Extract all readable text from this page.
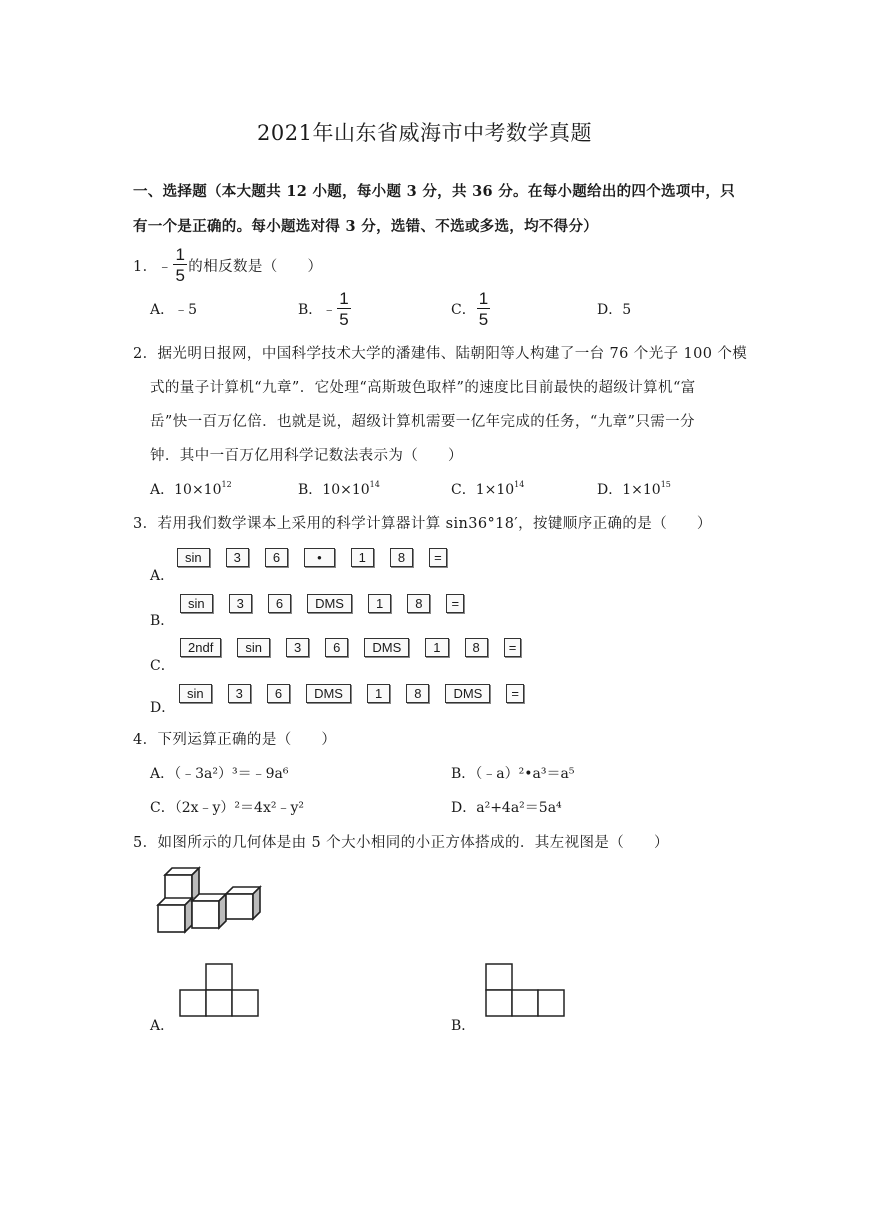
2021年山东省威海市中考数学真题
一、选择题（本大题共 12 小题，每小题 3 分，共 36 分。在每小题给出的四个选项中，只
有一个是正确的。每小题选对得 3 分，选错、不选或多选，均不得分）
1． ﹣ $\frac{1}{5}$ 的相反数是（　　）
A．﹣5	B． ﹣ $\frac{1}{5}$	C． $\frac{1}{5}$	D．5
2．据光明日报网，中国科学技术大学的潘建伟、陆朝阳等人构建了一台 76 个光子 100 个模
式的量子计算机“九章”．它处理“高斯玻色取样”的速度比目前最快的超级计算机“富
岳”快一百万亿倍．也就是说，超级计算机需要一亿年完成的任务，“九章”只需一分
钟．其中一百万亿用科学记数法表示为（　　）
A．$10\times 10^{12}$	B．$10\times 10^{14}$	C．$1\times 10^{14}$	D．$1\times 10^{15}$
3．若用我们数学课本上采用的科学计算器计算 sin36°18′，按键顺序正确的是（　　）
A．
sin	3	6	•	1	8	=
B．
sin	3	6	DMS	1	8	=
C．
2ndf	sin	3	6	DMS	1	8	=
D．
sin	3	6	DMS	1	8	DMS	=
4．下列运算正确的是（　　）
A．（﹣3a²）³＝﹣9a⁶	B．（﹣a）²•a³＝a⁵
C．（2x﹣y）²＝4x²﹣y²	D．a²+4a²＝5a⁴
5．如图所示的几何体是由 5 个大小相同的小正方体搭成的．其左视图是（　　）
A．	B．
